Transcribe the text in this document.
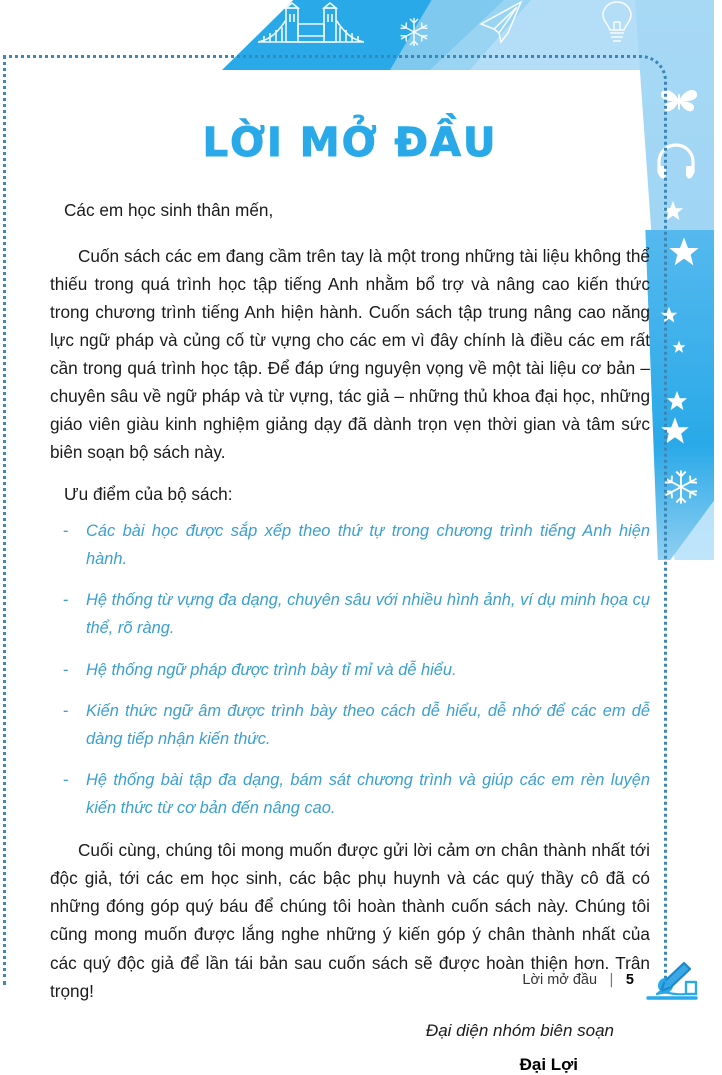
LỜI MỞ ĐẦU

Các em học sinh thân mến,

Cuốn sách các em đang cầm trên tay là một trong những tài liệu không thể thiếu trong quá trình học tập tiếng Anh nhằm bổ trợ và nâng cao kiến thức trong chương trình tiếng Anh hiện hành. Cuốn sách tập trung nâng cao năng lực ngữ pháp và củng cố từ vựng cho các em vì đây chính là điều các em rất cần trong quá trình học tập. Để đáp ứng nguyện vọng về một tài liệu cơ bản – chuyên sâu về ngữ pháp và từ vựng, tác giả – những thủ khoa đại học, những giáo viên giàu kinh nghiệm giảng dạy đã dành trọn vẹn thời gian và tâm sức biên soạn bộ sách này.

Ưu điểm của bộ sách:

- Các bài học được sắp xếp theo thứ tự trong chương trình tiếng Anh hiện hành.
- Hệ thống từ vựng đa dạng, chuyên sâu với nhiều hình ảnh, ví dụ minh họa cụ thể, rõ ràng.
- Hệ thống ngữ pháp được trình bày tỉ mỉ và dễ hiểu.
- Kiến thức ngữ âm được trình bày theo cách dễ hiểu, dễ nhớ để các em dễ dàng tiếp nhận kiến thức.
- Hệ thống bài tập đa dạng, bám sát chương trình và giúp các em rèn luyện kiến thức từ cơ bản đến nâng cao.

Cuối cùng, chúng tôi mong muốn được gửi lời cảm ơn chân thành nhất tới độc giả, tới các em học sinh, các bậc phụ huynh và các quý thầy cô đã có những đóng góp quý báu để chúng tôi hoàn thành cuốn sách này. Chúng tôi cũng mong muốn được lắng nghe những ý kiến góp ý chân thành nhất của các quý độc giả để lần tái bản sau cuốn sách sẽ được hoàn thiện hơn. Trân trọng!

Đại diện nhóm biên soạn
Đại Lợi
Lời mở đầu | 5
